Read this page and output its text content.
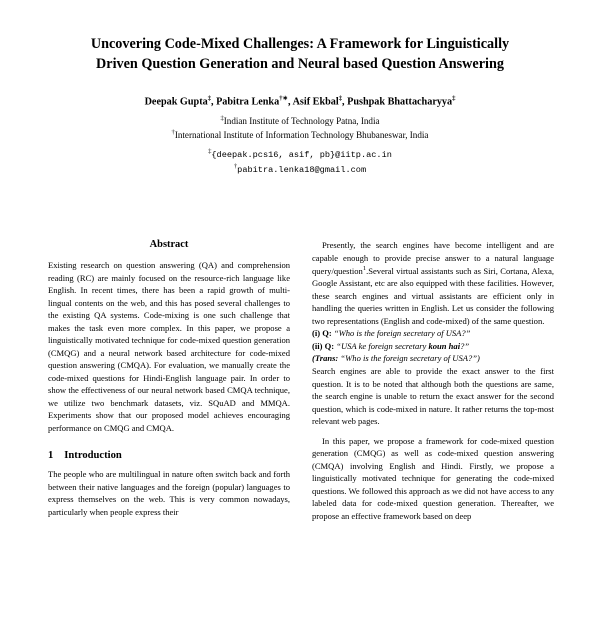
Uncovering Code-Mixed Challenges: A Framework for Linguistically
Driven Question Generation and Neural based Question Answering
Deepak Gupta‡, Pabitra Lenka†∗, Asif Ekbal‡, Pushpak Bhattacharyya‡
‡Indian Institute of Technology Patna, India
†International Institute of Information Technology Bhubaneswar, India
‡{deepak.pcs16, asif, pb}@iitp.ac.in
†pabitra.lenka18@gmail.com
Abstract

Existing research on question answering (QA) and comprehension reading (RC) are mainly focused on the resource-rich language like English. In recent times, there has been a rapid growth of multi-lingual contents on the web, and this has posed several challenges to the existing QA systems. Code-mixing is one such challenge that makes the task even more complex. In this paper, we propose a linguistically motivated technique for code-mixed question generation (CMQG) and a neural network based architecture for code-mixed question answering (CMQA). For evaluation, we manually create the code-mixed questions for Hindi-English language pair. In order to show the effectiveness of our neural network based CMQA technique, we utilize two benchmark datasets, viz. SQuAD and MMQA. Experiments show that our proposed model achieves encouraging performance on CMQG and CMQA.

1 Introduction

The people who are multilingual in nature often switch back and forth between their native languages and the foreign (popular) languages to express themselves on the web. This is very common nowadays, particularly when people express their

Presently, the search engines have become intelligent and are capable enough to provide precise answer to a natural language query/question$^1$.Several virtual assistants such as Siri, Cortana, Alexa, Google Assistant, etc are also equipped with these facilities. However, these search engines and virtual assistants are efficient only in handling the queries written in English. Let us consider the following two representations (English and code-mixed) of the same question.

(i) Q: “Who is the foreign secretary of USA?”
(ii) Q: “USA ke foreign secretary koun hai?”
(Trans: “Who is the foreign secretary of USA?”)

Search engines are able to provide the exact answer to the first question. It is to be noted that although both the questions are same, the search engine is unable to return the exact answer for the second question, which is code-mixed in nature. It rather returns the top-most relevant web pages.

In this paper, we propose a framework for code-mixed question generation (CMQG) as well as code-mixed question answering (CMQA) involving English and Hindi. Firstly, we propose a linguistically motivated technique for generating the code-mixed questions. We followed this approach as we did not have access to any labeled data for code-mixed question generation. Thereafter, we propose an effective framework based on deep
